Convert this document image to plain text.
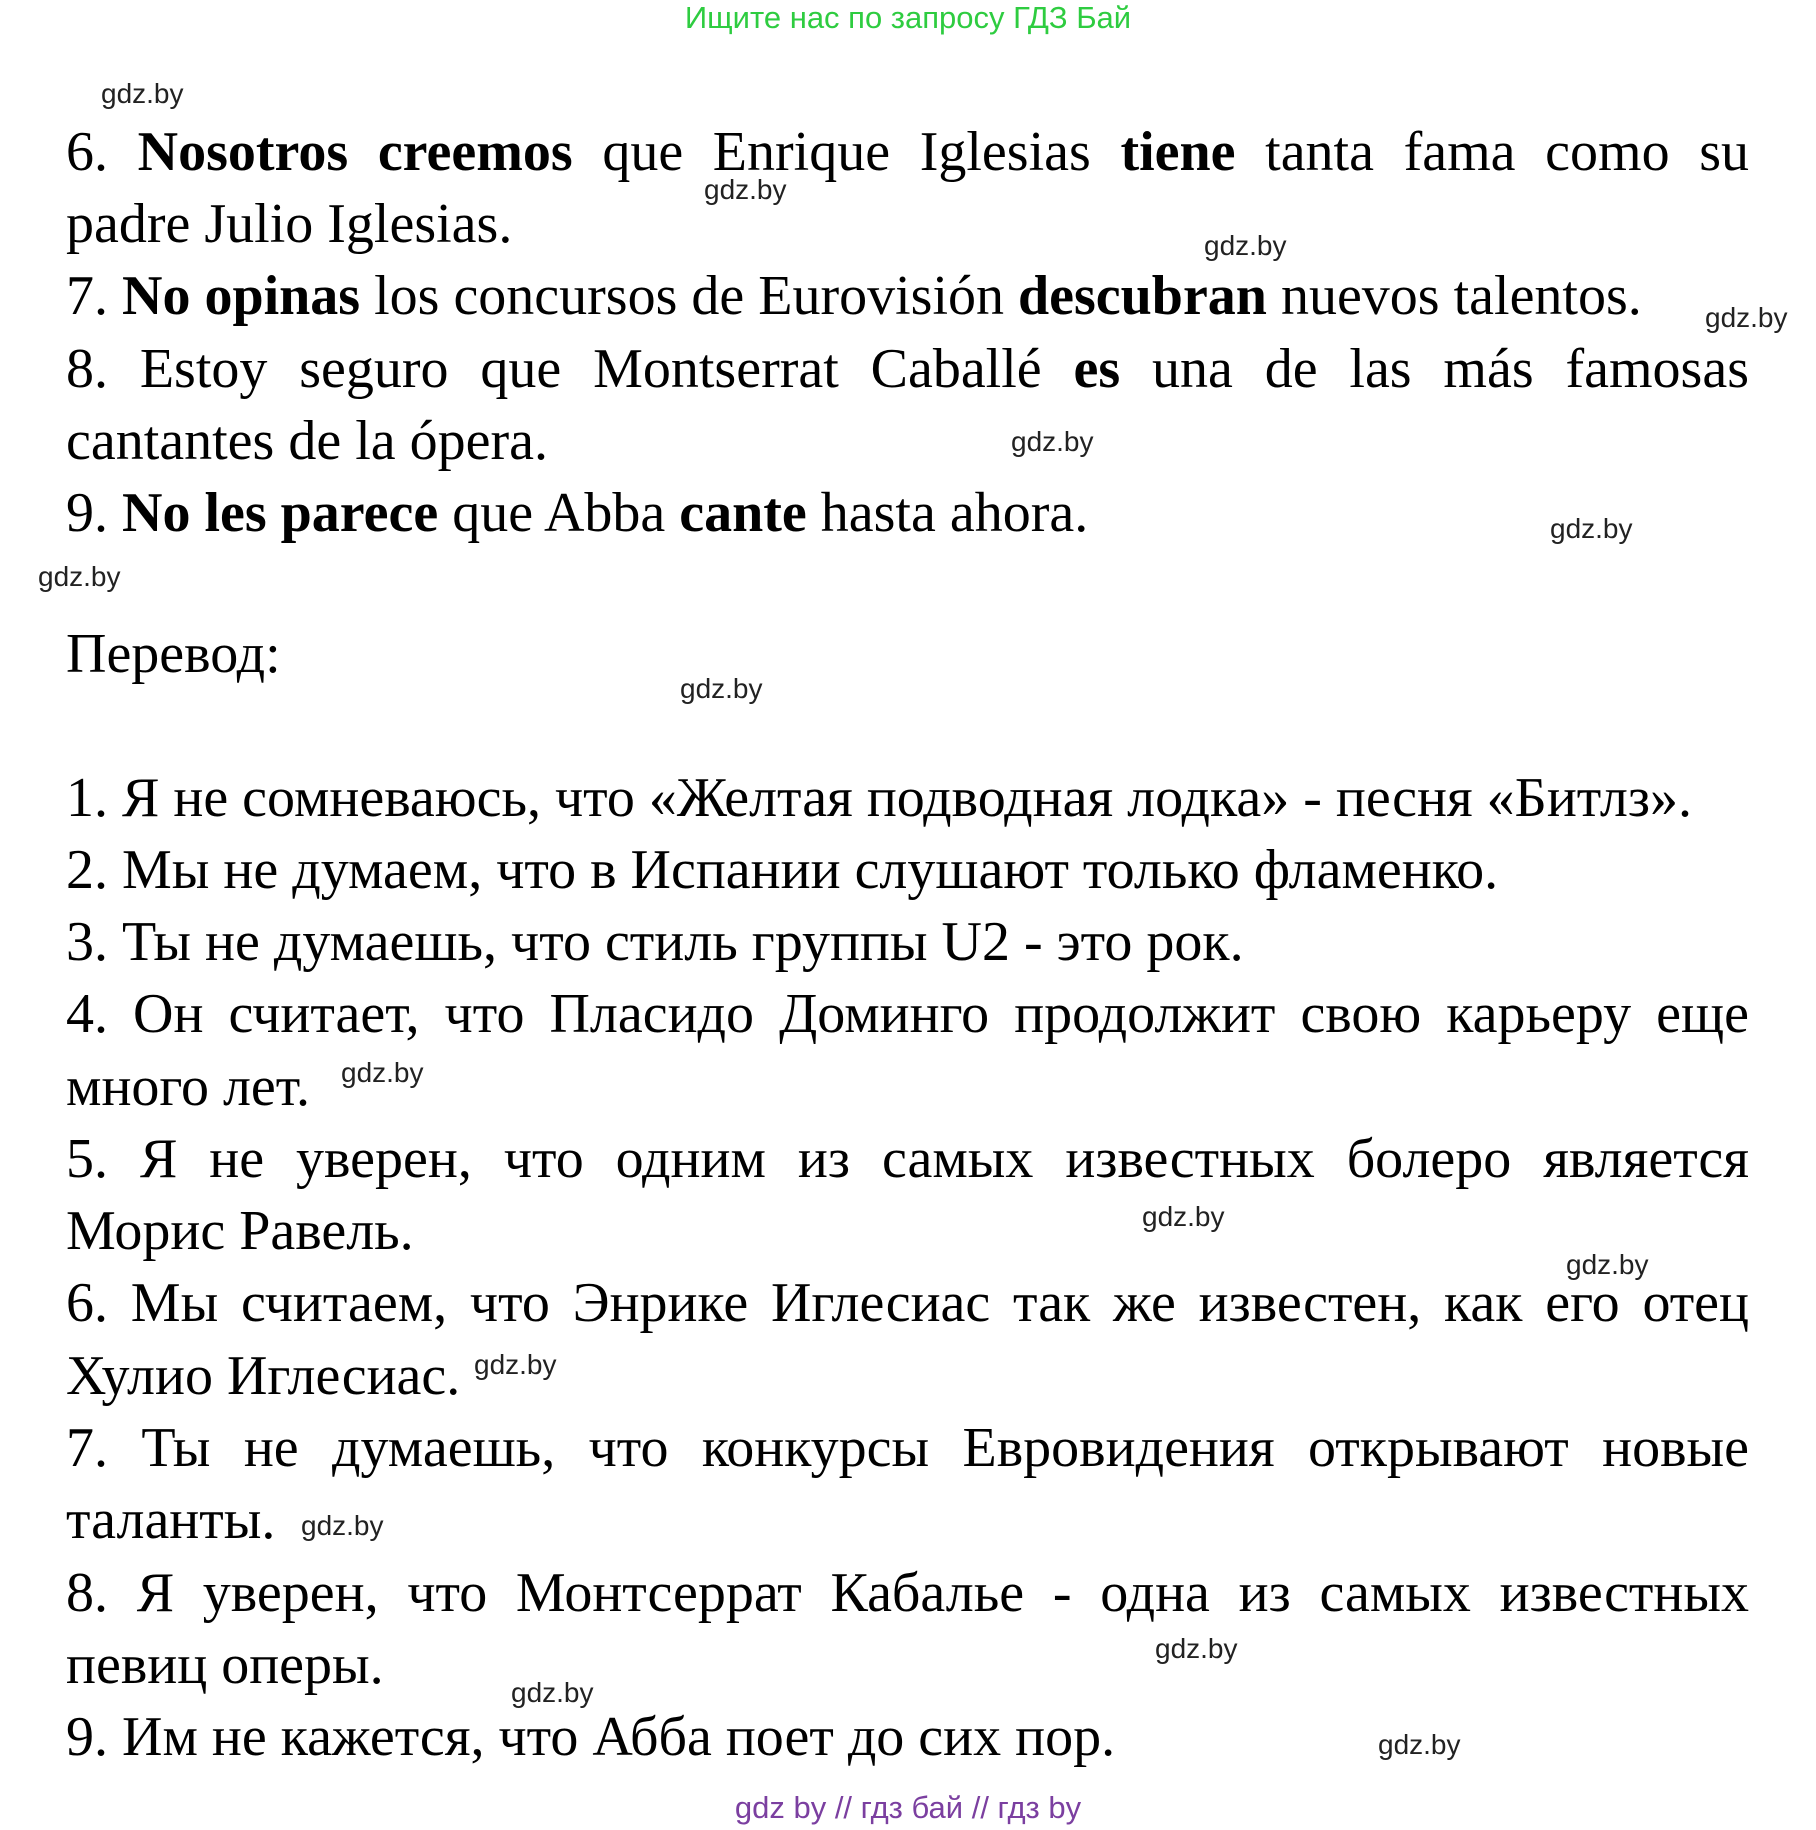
Ищите нас по запросу ГДЗ Бай
6. Nosotros creemos que Enrique Iglesias tiene tanta fama como su
padre Julio Iglesias.
7. No opinas los concursos de Eurovisión descubran nuevos talentos.
8. Estoy seguro que Montserrat Caballé es una de las más famosas
cantantes de la ópera.
9. No les parece que Abba cante hasta ahora.
Перевод:
1. Я не сомневаюсь, что «Желтая подводная лодка» - песня «Битлз».
2. Мы не думаем, что в Испании слушают только фламенко.
3. Ты не думаешь, что стиль группы U2 - это рок.
4. Он считает, что Пласидо Доминго продолжит свою карьеру еще
много лет.
5. Я не уверен, что одним из самых известных болеро является
Морис Равель.
6. Мы считаем, что Энрике Иглесиас так же известен, как его отец
Хулио Иглесиас.
7. Ты не думаешь, что конкурсы Евровидения открывают новые
таланты.
8. Я уверен, что Монтсеррат Кабалье - одна из самых известных
певиц оперы.
9. Им не кажется, что Абба поет до сих пор.
gdz.by
gdz.by
gdz.by
gdz.by
gdz.by
gdz.by
gdz.by
gdz.by
gdz.by
gdz.by
gdz.by
gdz.by
gdz.by
gdz.by
gdz.by
gdz.by
gdz by // гдз бай // гдз by
